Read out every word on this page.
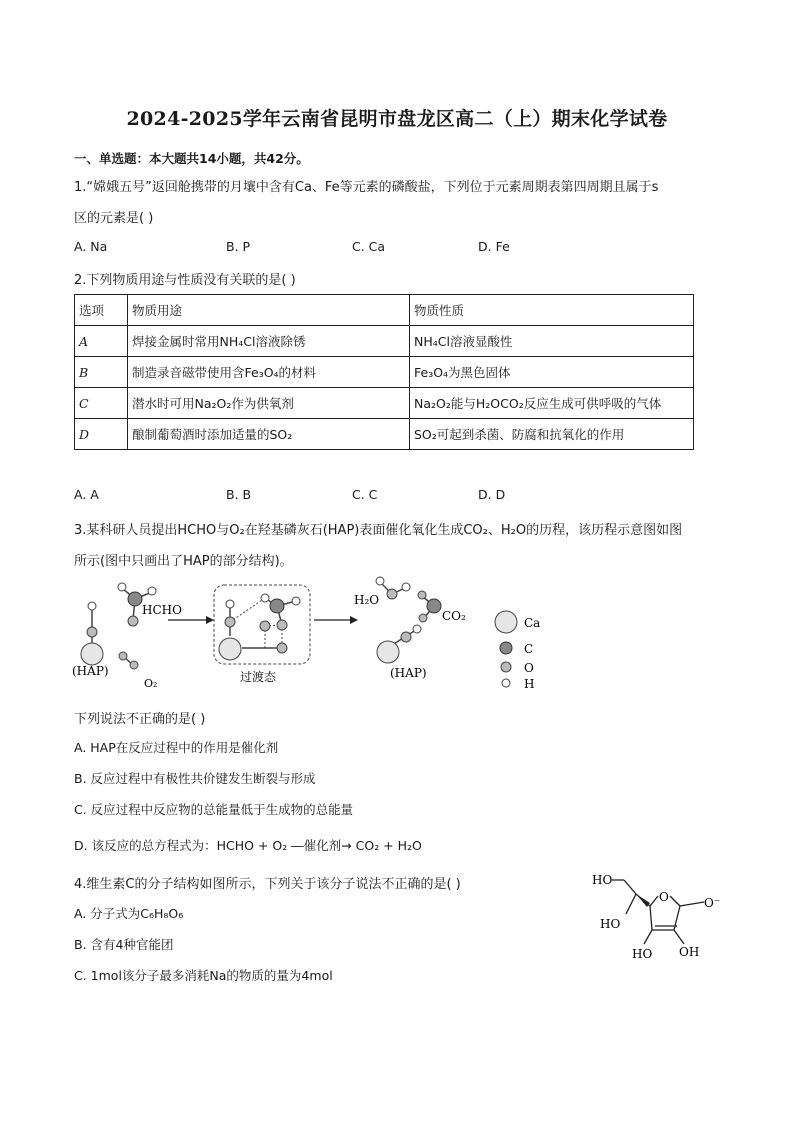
2024-2025学年云南省昆明市盘龙区高二（上）期末化学试卷
一、单选题：本大题共14小题，共42分。
1.“嫦娥五号”返回舱携带的月壤中含有Ca、Fe等元素的磷酸盐，下列位于元素周期表第四周期且属于s
区的元素是( )
A. Na	B. P	C. Ca	D. Fe
2.下列物质用途与性质没有关联的是( )
选项	物质用途	物质性质
A	焊接金属时常用NH₄Cl溶液除锈	NH₄Cl溶液显酸性
B	制造录音磁带使用含Fe₃O₄的材料	Fe₃O₄为黑色固体
C	潜水时可用Na₂O₂作为供氧剂	Na₂O₂能与H₂OCO₂反应生成可供呼吸的气体
D	酿制葡萄酒时添加适量的SO₂	SO₂可起到杀菌、防腐和抗氧化的作用
A. A	B. B	C. C	D. D
3.某科研人员提出HCHO与O₂在羟基磷灰石(HAP)表面催化氧化生成CO₂、H₂O的历程，该历程示意图如图
所示(图中只画出了HAP的部分结构)。
(HAP)
HCHO
O₂	过渡态
H₂O
CO₂
(HAP)
Ca
C
O
H
下列说法不正确的是( )
A. HAP在反应过程中的作用是催化剂
B. 反应过程中有极性共价键发生断裂与形成
C. 反应过程中反应物的总能量低于生成物的总能量
D. 该反应的总方程式为：HCHO + O₂ ―催化剂→ CO₂ + H₂O
4.维生素C的分子结构如图所示，下列关于该分子说法不正确的是( )
A. 分子式为C₆H₈O₆
B. 含有4种官能团
C. 1mol该分子最多消耗Na的物质的量为4mol
HO
HO
O	O⁻
HO OH
